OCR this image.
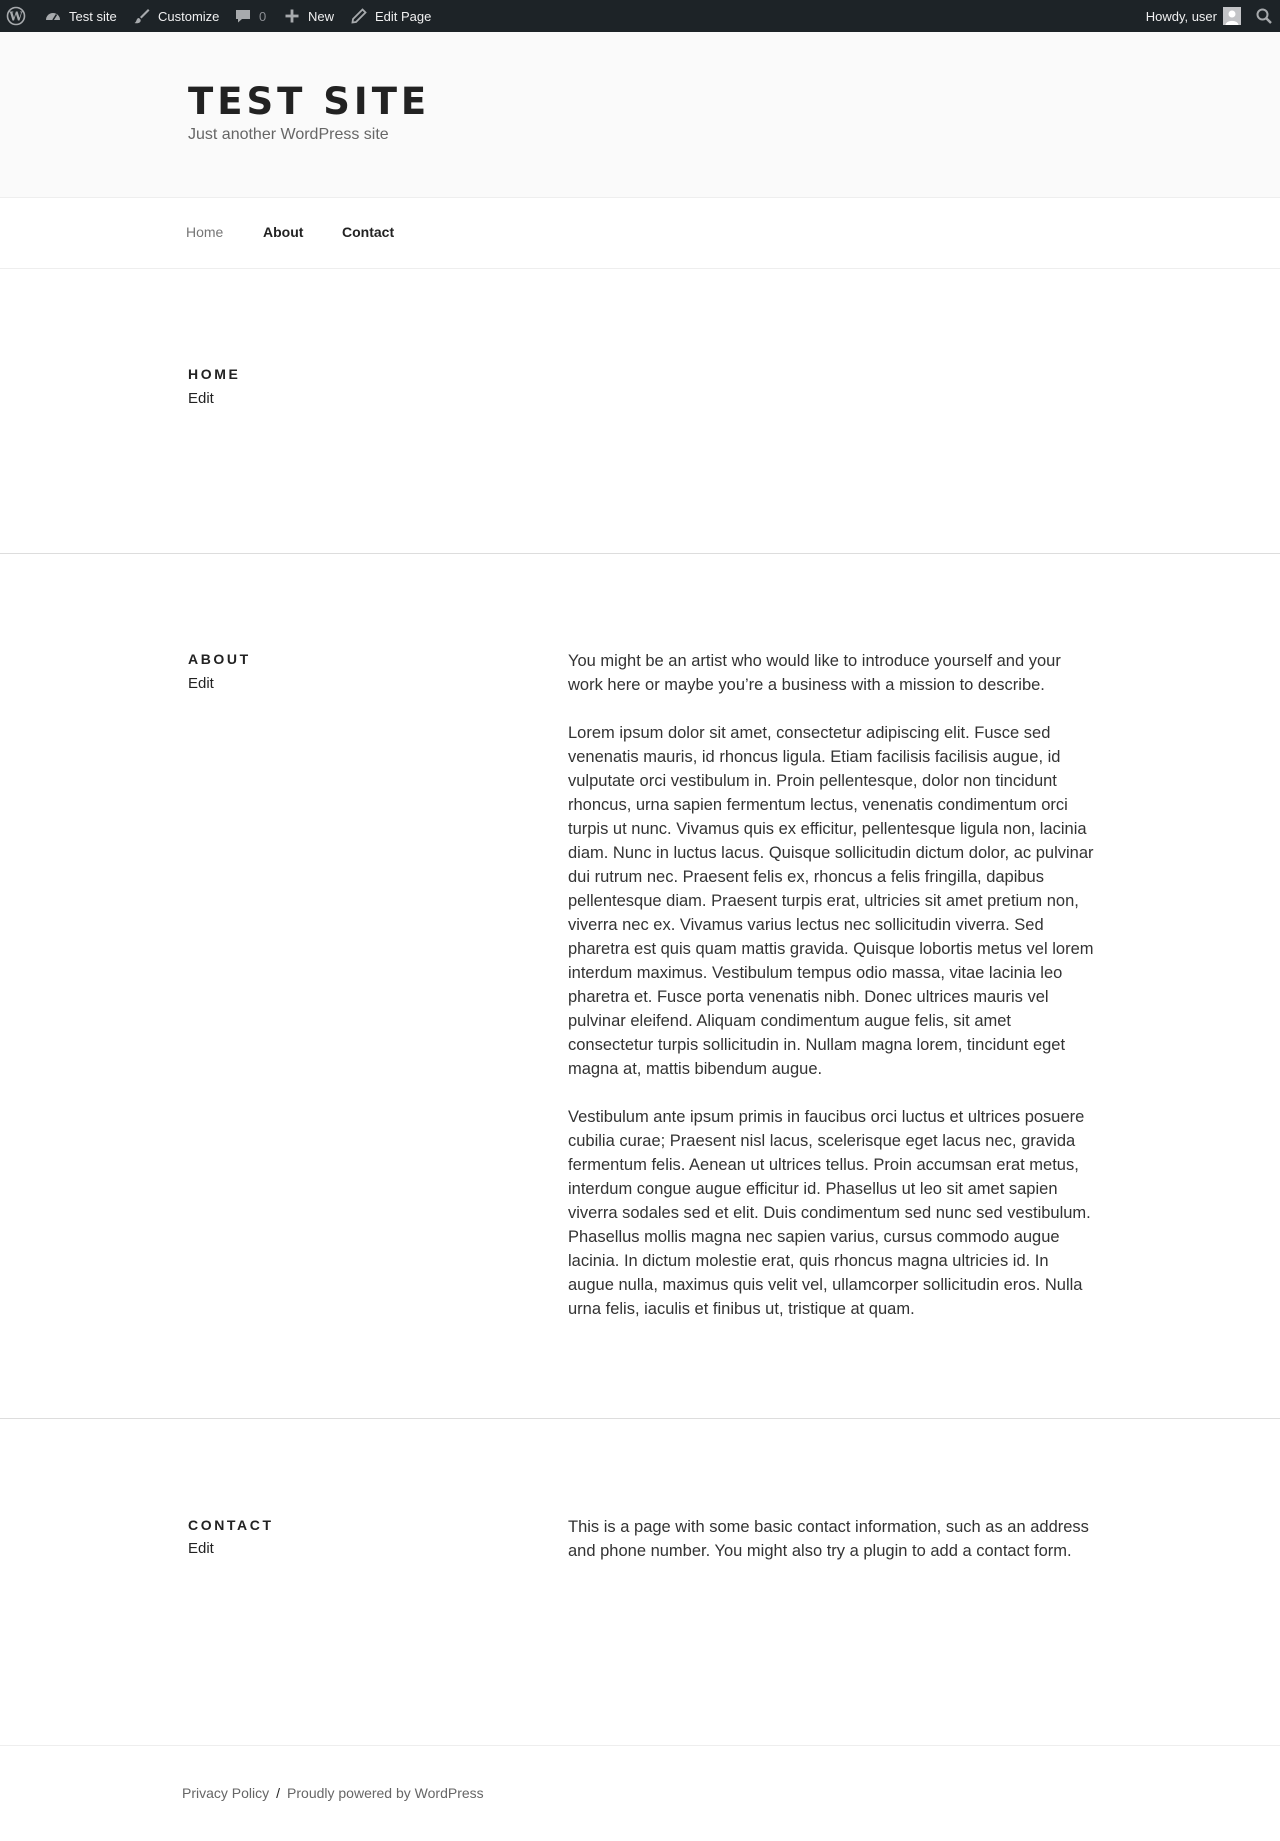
W	Test site	Customize	0	New	Edit Page	Howdy, user
TEST SITE
Just another WordPress site
Home	About	Contact
HOME
Edit
ABOUT
Edit

You might be an artist who would like to introduce yourself and your work here or maybe you’re a business with a mission to describe.

Lorem ipsum dolor sit amet, consectetur adipiscing elit. Fusce sed venenatis mauris, id rhoncus ligula. Etiam facilisis facilisis augue, id vulputate orci vestibulum in. Proin pellentesque, dolor non tincidunt rhoncus, urna sapien fermentum lectus, venenatis condimentum orci turpis ut nunc. Vivamus quis ex efficitur, pellentesque ligula non, lacinia diam. Nunc in luctus lacus. Quisque sollicitudin dictum dolor, ac pulvinar dui rutrum nec. Praesent felis ex, rhoncus a felis fringilla, dapibus pellentesque diam. Praesent turpis erat, ultricies sit amet pretium non, viverra nec ex. Vivamus varius lectus nec sollicitudin viverra. Sed pharetra est quis quam mattis gravida. Quisque lobortis metus vel lorem interdum maximus. Vestibulum tempus odio massa, vitae lacinia leo pharetra et. Fusce porta venenatis nibh. Donec ultrices mauris vel pulvinar eleifend. Aliquam condimentum augue felis, sit amet consectetur turpis sollicitudin in. Nullam magna lorem, tincidunt eget magna at, mattis bibendum augue.

Vestibulum ante ipsum primis in faucibus orci luctus et ultrices posuere cubilia curae; Praesent nisl lacus, scelerisque eget lacus nec, gravida fermentum felis. Aenean ut ultrices tellus. Proin accumsan erat metus, interdum congue augue efficitur id. Phasellus ut leo sit amet sapien viverra sodales sed et elit. Duis condimentum sed nunc sed vestibulum. Phasellus mollis magna nec sapien varius, cursus commodo augue lacinia. In dictum molestie erat, quis rhoncus magna ultricies id. In augue nulla, maximus quis velit vel, ullamcorper sollicitudin eros. Nulla urna felis, iaculis et finibus ut, tristique at quam.

CONTACT
Edit

This is a page with some basic contact information, such as an address and phone number. You might also try a plugin to add a contact form.

Privacy Policy / Proudly powered by WordPress
